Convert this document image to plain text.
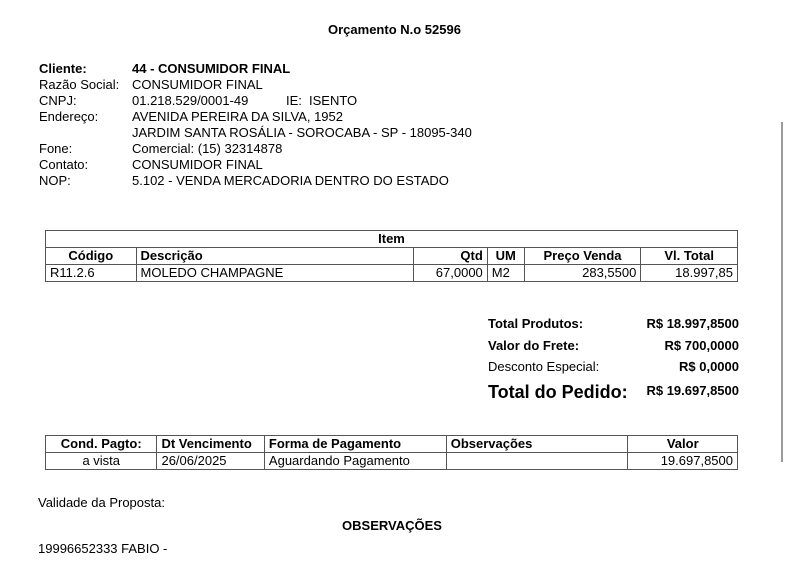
Orçamento N.o 52596
Cliente:	44 - CONSUMIDOR FINAL
Razão Social: CONSUMIDOR FINAL
CNPJ:	01.218.529/0001-49	IE: ISENTO
Endereço:	AVENIDA PEREIRA DA SILVA, 1952
JARDIM SANTA ROSÁLIA - SOROCABA - SP - 18095-340
Fone:	Comercial: (15) 32314878
Contato:	CONSUMIDOR FINAL
NOP:	5.102 - VENDA MERCADORIA DENTRO DO ESTADO
Item					
Código	Descrição	Qtd	UM	Preço Venda	Vl. Total
R11.2.6	MOLEDO CHAMPAGNE	67,0000	M2	283,5500	18.997,85
Total Produtos:	R$ 18.997,8500
Valor do Frete:	R$ 700,0000
Desconto Especial:	R$ 0,0000
Total do Pedido: R$ 19.697,8500
Cond. Pagto:	Dt Vencimento	Forma de Pagamento	Observações	Valor
a vista	26/06/2025	Aguardando Pagamento		19.697,8500
Validade da Proposta:
OBSERVAÇÕES
19996652333 FABIO -
